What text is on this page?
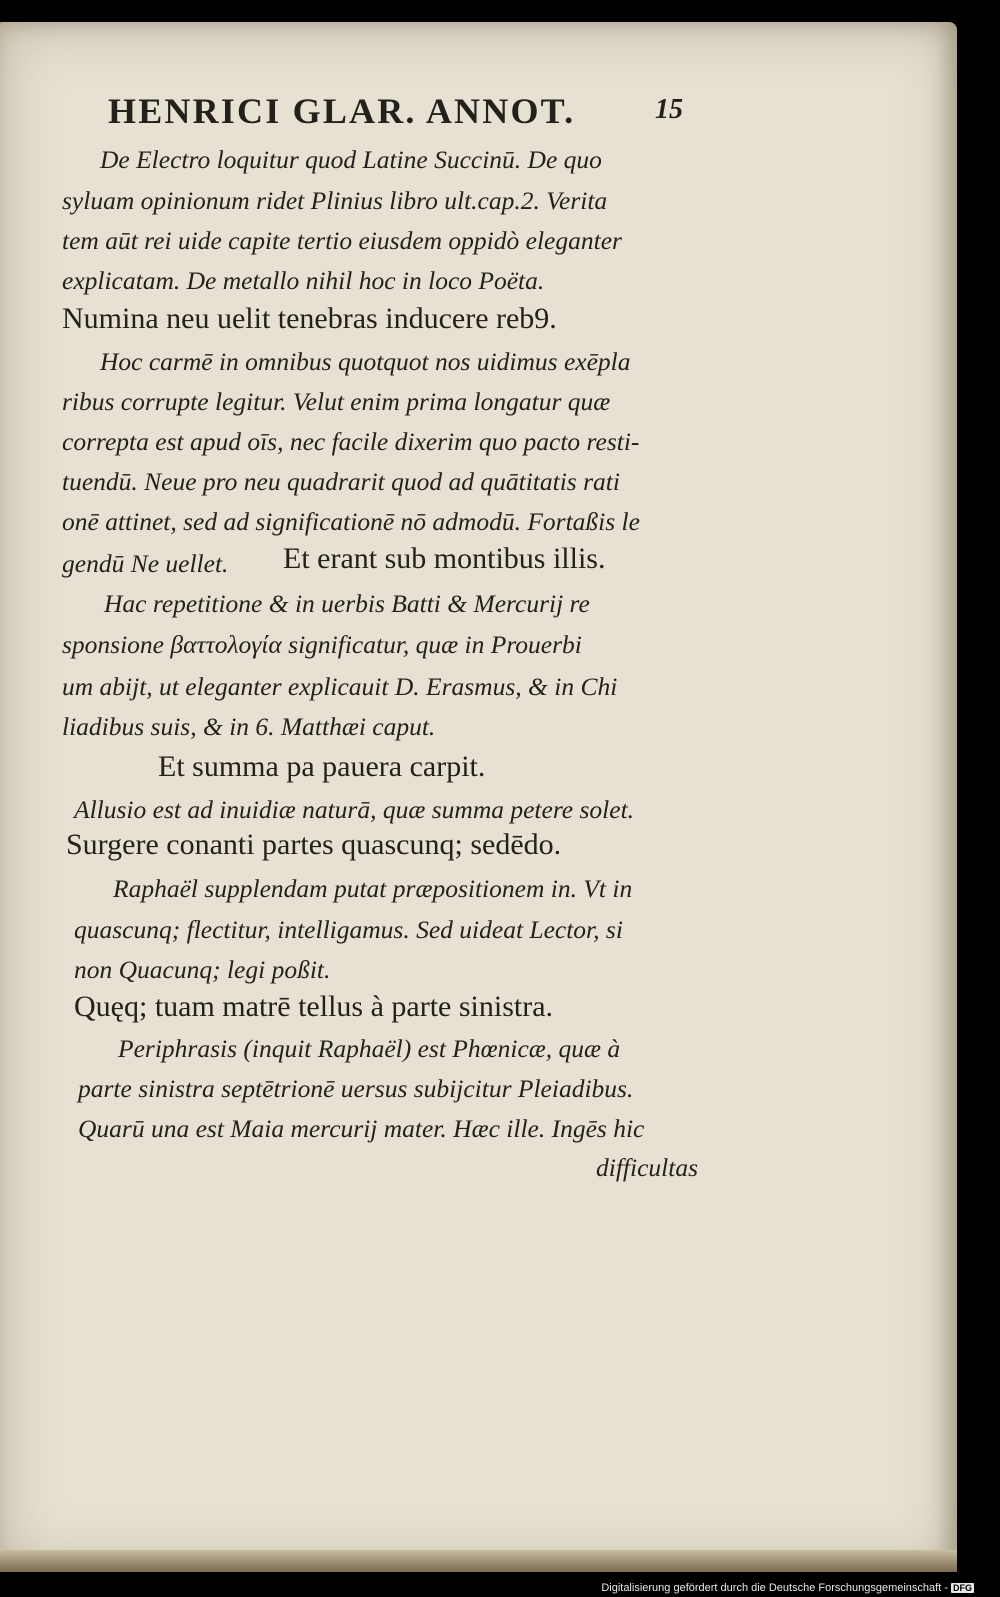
HENRICI GLAR. ANNOT.	15
De Electro loquitur quod Latine Succinū. De quo
syluam opinionum ridet Plinius libro ult.cap.2. Verita
tem aūt rei uide capite tertio eiusdem oppidò eleganter
explicatam. De metallo nihil hoc in loco Poëta.
Numina neu uelit tenebras inducere reb9.
Hoc carmē in omnibus quotquot nos uidimus exēpla
ribus corrupte legitur. Velut enim prima longatur quæ
correpta est apud oīs, nec facile dixerim quo pacto resti-
tuendū. Neue pro neu quadrarit quod ad quātitatis rati
onē attinet, sed ad significationē nō admodū. Fortaßis le
gendū Ne uellet. Et erant sub montibus illis.
Hac repetitione & in uerbis Batti & Mercurij re
sponsione βαττολογία significatur, quæ in Prouerbi
um abijt, ut eleganter explicauit D. Erasmus, & in Chi
liadibus suis, & in 6. Matthæi caput.
Et summa pa pauera carpit.
Allusio est ad inuidiæ naturā, quæ summa petere solet.
Surgere conanti partes quascunq; sedēdo.
Raphaël supplendam putat præpositionem in. Vt in
quascunq; flectitur, intelligamus. Sed uideat Lector, si
non Quacunq; legi poßit.
Quęq; tuam matrē tellus à parte sinistra.
Periphrasis (inquit Raphaël) est Phœnicæ, quæ à
parte sinistra septētrionē uersus subijcitur Pleiadibus.
Quarū una est Maia mercurij mater. Hæc ille. Ingēs hic
difficultas
Digitalisierung gefördert durch die Deutsche Forschungsgemeinschaft - DFG
